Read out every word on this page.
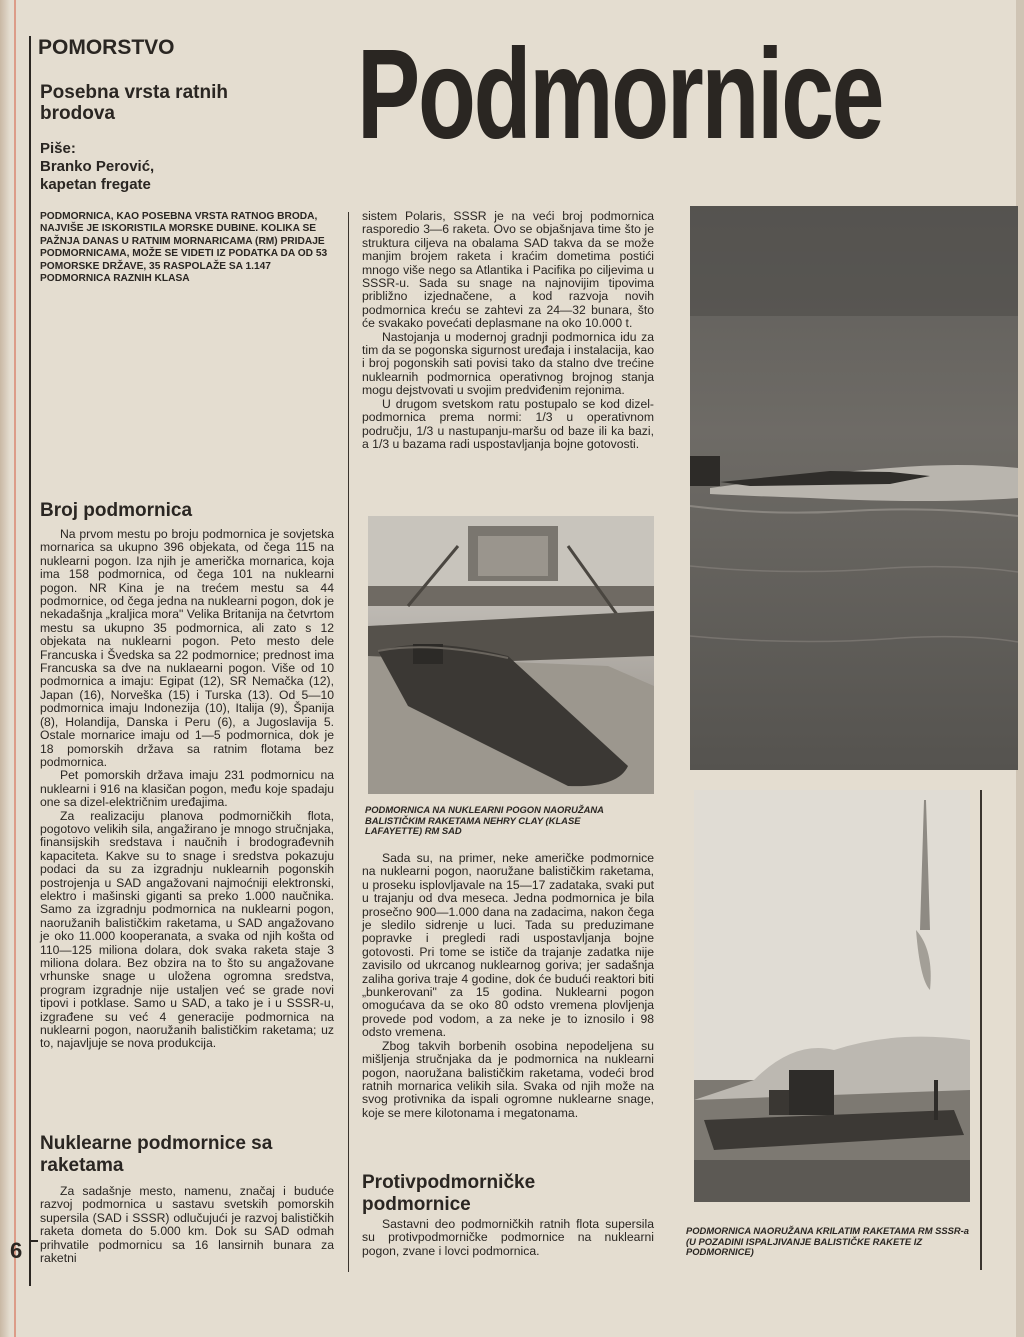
POMORSTVO
Posebna vrsta ratnih brodova
Piše:
Branko Perović,
kapetan fregate
Podmornice
PODMORNICA, KAO POSEBNA VRSTA RATNOG BRODA, NAJVIŠE JE ISKORISTILA MORSKE DUBINE. KOLIKA SE PAŽNJA DANAS U RATNIM MORNARICAMA (RM) PRIDAJE PODMORNICAMA, MOŽE SE VIDETI IZ PODATKA DA OD 53 POMORSKE DRŽAVE, 35 RASPOLAŽE SA 1.147 PODMORNICA RAZNIH KLASA
Broj podmornica

Na prvom mestu po broju podmornica je sovjetska mornarica sa ukupno 396 objekata, od čega 115 na nuklearni pogon. Iza njih je američka mornarica, koja ima 158 podmornica, od čega 101 na nuklearni pogon. NR Kina je na trećem mestu sa 44 podmornice, od čega jedna na nuklearni pogon, dok je nekadašnja „kraljica mora" Velika Britanija na četvrtom mestu sa ukupno 35 podmornica, ali zato s 12 objekata na nuklearni pogon. Peto mesto dele Francuska i Švedska sa 22 podmornice; prednost ima Francuska sa dve na nuklaearni pogon. Više od 10 podmornica a imaju: Egipat (12), SR Nemačka (12), Japan (16), Norveška (15) i Turska (13). Od 5—10 podmornica imaju Indonezija (10), Italija (9), Španija (8), Holandija, Danska i Peru (6), a Jugoslavija 5. Ostale mornarice imaju od 1—5 podmornica, dok je 18 pomorskih država sa ratnim flotama bez podmornica.

Pet pomorskih država imaju 231 podmornicu na nuklearni i 916 na klasičan pogon, među koje spadaju one sa dizel-električnim uređajima.

Za realizaciju planova podmorničkih flota, pogotovo velikih sila, angažirano je mnogo stručnjaka, finansijskih sredstava i naučnih i brodograđevnih kapaciteta. Kakve su to snage i sredstva pokazuju podaci da su za izgradnju nuklearnih pogonskih postrojenja u SAD angažovani najmoćniji elektronski, elektro i mašinski giganti sa preko 1.000 naučnika. Samo za izgradnju podmornica na nuklearni pogon, naoružanih balističkim raketama, u SAD angažovano je oko 11.000 kooperanata, a svaka od njih košta od 110—125 miliona dolara, dok svaka raketa staje 3 miliona dolara. Bez obzira na to što su angažovane vrhunske snage u uloženа ogromna sredstva, program izgradnje nije ustaljen već se grade novi tipovi i potklase. Samo u SAD, a tako je i u SSSR-u, izgrađene su već 4 generacije podmornica na nuklearni pogon, naoružanih balističkim raketama; uz to, najavljuje se nova produkcija.

Nuklearne podmornice sa raketama

Za sadašnje mesto, namenu, značaj i buduće razvoj podmornica u sastavu svetskih pomorskih supersila (SAD i SSSR) odlučujući je razvoj balističkih raketa dometa do 5.000 km. Dok su SAD odmah prihvatile podmornicu sa 16 lansirnih bunara za raketni

sistem Polaris, SSSR je na veći broj podmornica rasporedio 3—6 raketa. Ovo se objašnjava time što je struktura ciljeva na obalama SAD takva da se može manjim brojem raketa i kraćim dometima postići mnogo više nego sa Atlantika i Pacifika po ciljevima u SSSR-u. Sada su snage na najnovijim tipovima približno izjednačene, a kod razvoja novih podmornica kreću se zahtevi za 24—32 bunara, što će svakako povećati deplasmane na oko 10.000 t.

Nastojanja u modernoj gradnji podmornica idu za tim da se pogonska sigurnost uređaja i instalacija, kao i broj pogonskih sati povisi tako da stalno dve trećine nuklearnih podmornica operativnog brojnog stanja mogu dejstvovati u svojim predviđenim rejonima.

U drugom svetskom ratu postupalo se kod dizel-podmornica prema normi: 1/3 u operativnom području, 1/3 u nastupanju-maršu od baze ili ka bazi, a 1/3 u bazama radi uspostavljanja bojne gotovosti.

PODMORNICA NA NUKLEARNI POGON NAORUŽANA BALISTIČKIM RAKETAMA NEHRY CLAY (KLASE LAFAYETTE) RM SAD

Sada su, na primer, neke američke podmornice na nuklearni pogon, naoružane balističkim raketama, u proseku isplovljavale na 15—17 zadataka, svaki put u trajanju od dva meseca. Jedna podmornica je bila prosečno 900—1.000 dana na zadacima, nakon čega je sledilo sidrenje u luci. Tada su preduzimane popravke i pregledi radi uspostavljanja bojne gotovosti. Pri tome se ističe da trajanje zadatka nije zavisilo od ukrcanog nuklearnog goriva; jer sadašnja zaliha goriva traje 4 godine, dok će budući reaktori biti „bunkerovani" za 15 godina. Nuklearni pogon omogućava da se oko 80 odsto vremena plovljenja provede pod vodom, a za neke je to iznosilo i 98 odsto vremena.

Zbog takvih borbenih osobina nepodeljena su mišljenja stručnjaka da je podmornica na nuklearni pogon, naoružana balističkim raketama, vodeći brod ratnih mornarica velikih sila. Svaka od njih može na svog protivnika da ispali ogromne nuklearne snage, koje se mere kilotonama i megatonama.

Protivpodmorničke podmornice

Sastavni deo podmorničkih ratnih flota supersila su protivpodmorničke podmornice na nuklearni pogon, zvane i lovci podmornica.

PODMORNICA NAORUŽANA KRILATIM RAKETAMA RM SSSR-a (U POZADINI ISPALJIVANJE BALISTIČKE RAKETE IZ PODMORNICE)
6
